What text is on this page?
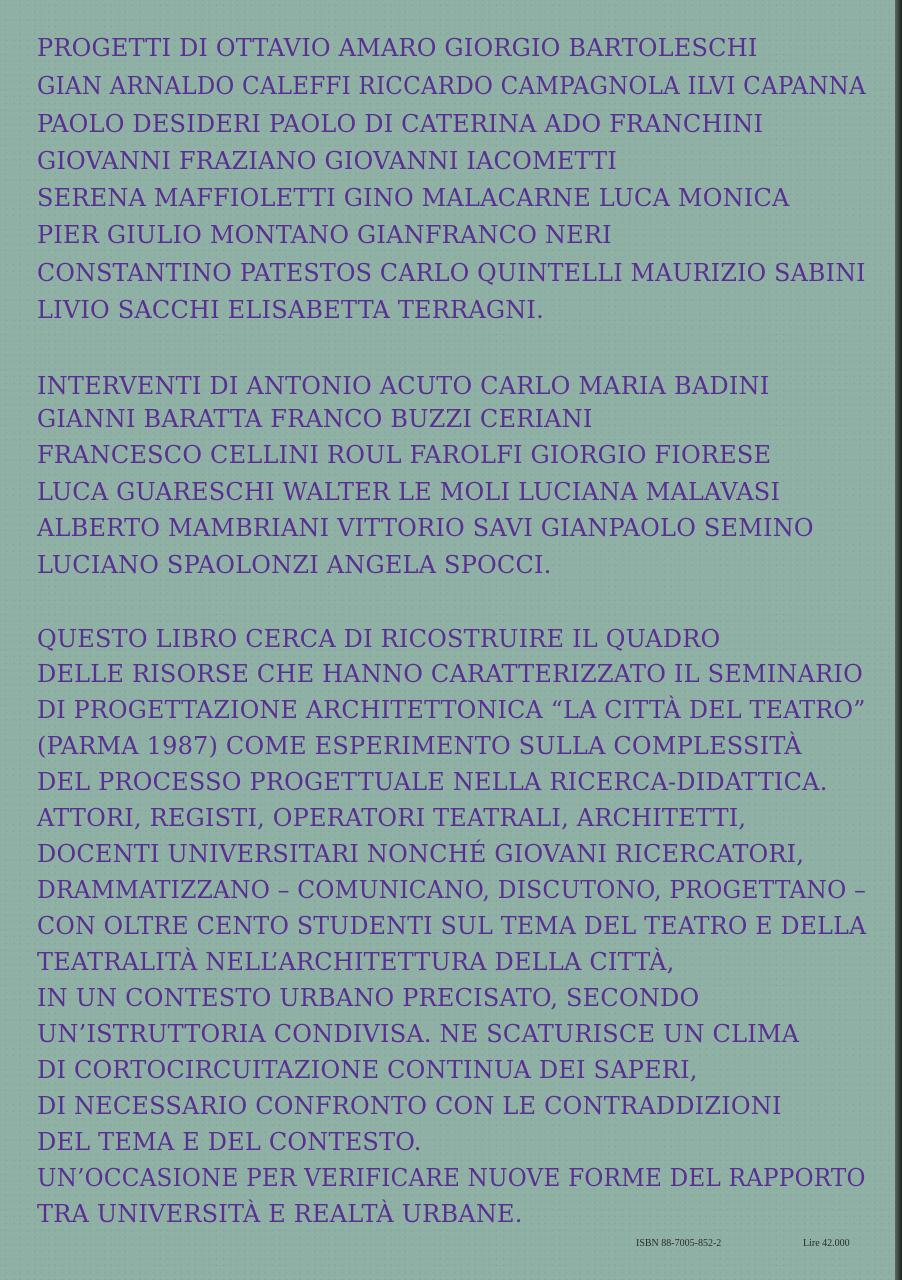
PROGETTI DI OTTAVIO AMARO GIORGIO BARTOLESCHI
GIAN ARNALDO CALEFFI RICCARDO CAMPAGNOLA ILVI CAPANNA
PAOLO DESIDERI PAOLO DI CATERINA ADO FRANCHINI
GIOVANNI FRAZIANO GIOVANNI IACOMETTI
SERENA MAFFIOLETTI GINO MALACARNE LUCA MONICA
PIER GIULIO MONTANO GIANFRANCO NERI
CONSTANTINO PATESTOS CARLO QUINTELLI MAURIZIO SABINI
LIVIO SACCHI ELISABETTA TERRAGNI.
INTERVENTI DI ANTONIO ACUTO CARLO MARIA BADINI
GIANNI BARATTA FRANCO BUZZI CERIANI
FRANCESCO CELLINI ROUL FAROLFI GIORGIO FIORESE
LUCA GUARESCHI WALTER LE MOLI LUCIANA MALAVASI
ALBERTO MAMBRIANI VITTORIO SAVI GIANPAOLO SEMINO
LUCIANO SPAOLONZI ANGELA SPOCCI.
QUESTO LIBRO CERCA DI RICOSTRUIRE IL QUADRO
DELLE RISORSE CHE HANNO CARATTERIZZATO IL SEMINARIO
DI PROGETTAZIONE ARCHITETTONICA “LA CITTÀ DEL TEATRO”
(PARMA 1987) COME ESPERIMENTO SULLA COMPLESSITÀ
DEL PROCESSO PROGETTUALE NELLA RICERCA-DIDATTICA.
ATTORI, REGISTI, OPERATORI TEATRALI, ARCHITETTI,
DOCENTI UNIVERSITARI NONCHÉ GIOVANI RICERCATORI,
DRAMMATIZZANO – COMUNICANO, DISCUTONO, PROGETTANO –
CON OLTRE CENTO STUDENTI SUL TEMA DEL TEATRO E DELLA
TEATRALITÀ NELL’ARCHITETTURA DELLA CITTÀ,
IN UN CONTESTO URBANO PRECISATO, SECONDO
UN’ISTRUTTORIA CONDIVISA. NE SCATURISCE UN CLIMA
DI CORTOCIRCUITAZIONE CONTINUA DEI SAPERI,
DI NECESSARIO CONFRONTO CON LE CONTRADDIZIONI
DEL TEMA E DEL CONTESTO.
UN’OCCASIONE PER VERIFICARE NUOVE FORME DEL RAPPORTO
TRA UNIVERSITÀ E REALTÀ URBANE.
ISBN 88-7005-852-2	Lire 42.000
